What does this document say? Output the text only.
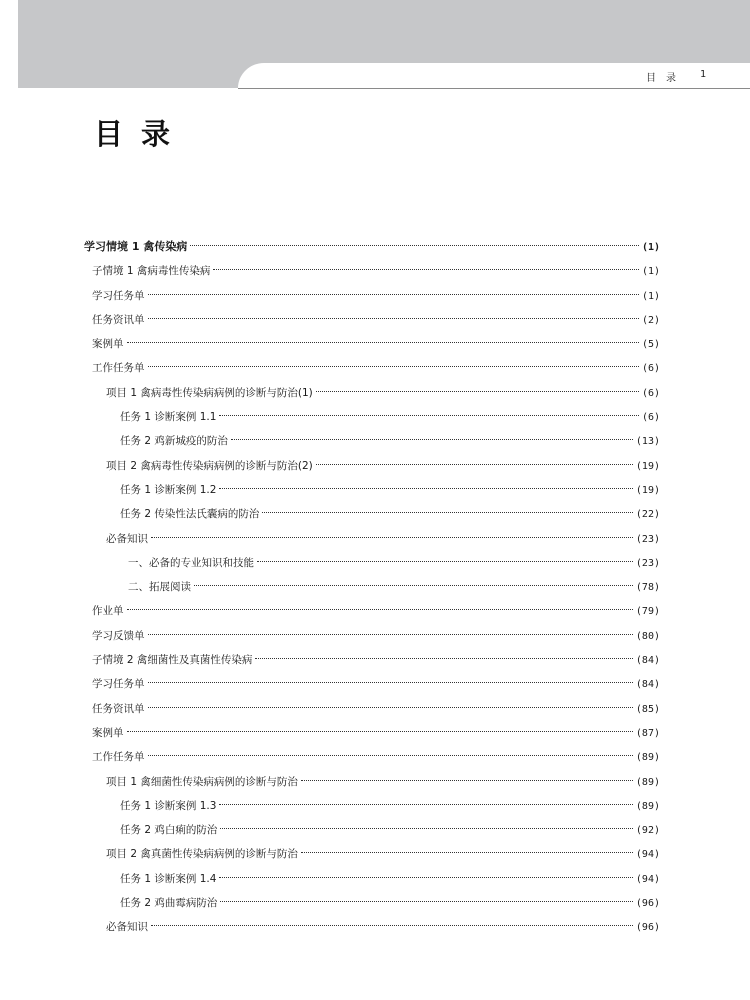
目 录 1
目录
学习情境 1 禽传染病	(1)
子情境 1 禽病毒性传染病	(1)
学习任务单	(1)
任务资讯单	(2)
案例单	(5)
工作任务单	(6)
项目 1 禽病毒性传染病病例的诊断与防治(1)	(6)
任务 1 诊断案例 1.1	(6)
任务 2 鸡新城疫的防治	(13)
项目 2 禽病毒性传染病病例的诊断与防治(2)	(19)
任务 1 诊断案例 1.2	(19)
任务 2 传染性法氏囊病的防治	(22)
必备知识	(23)
一、必备的专业知识和技能	(23)
二、拓展阅读	(78)
作业单	(79)
学习反馈单	(80)
子情境 2 禽细菌性及真菌性传染病	(84)
学习任务单	(84)
任务资讯单	(85)
案例单	(87)
工作任务单	(89)
项目 1 禽细菌性传染病病例的诊断与防治	(89)
任务 1 诊断案例 1.3	(89)
任务 2 鸡白痢的防治	(92)
项目 2 禽真菌性传染病病例的诊断与防治	(94)
任务 1 诊断案例 1.4	(94)
任务 2 鸡曲霉病防治	(96)
必备知识	(96)
